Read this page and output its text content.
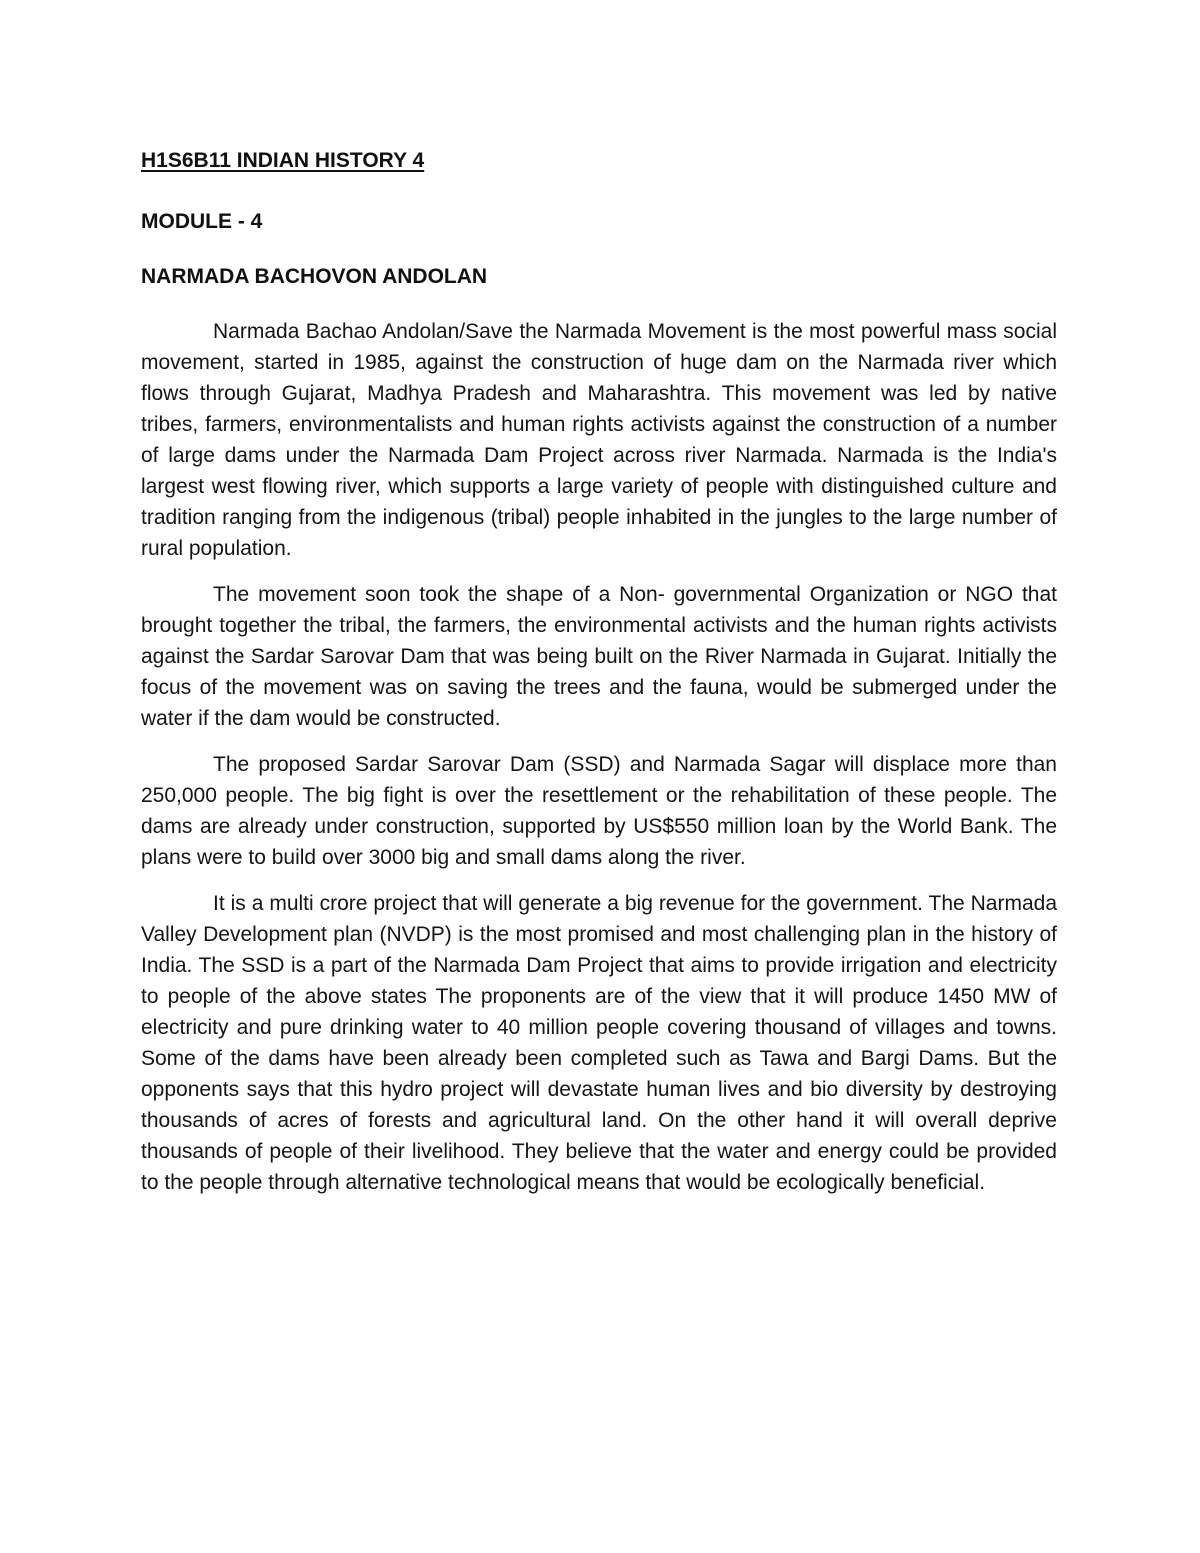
H1S6B11 INDIAN HISTORY 4
MODULE - 4
NARMADA BACHOVON ANDOLAN

Narmada Bachao Andolan/Save the Narmada Movement is the most powerful mass social movement, started in 1985, against the construction of huge dam on the Narmada river which flows through Gujarat, Madhya Pradesh and Maharashtra. This movement was led by native tribes, farmers, environmentalists and human rights activists against the construction of a number of large dams under the Narmada Dam Project across river Narmada. Narmada is the India's largest west flowing river, which supports a large variety of people with distinguished culture and tradition ranging from the indigenous (tribal) people inhabited in the jungles to the large number of rural population.

The movement soon took the shape of a Non- governmental Organization or NGO that brought together the tribal, the farmers, the environmental activists and the human rights activists against the Sardar Sarovar Dam that was being built on the River Narmada in Gujarat. Initially the focus of the movement was on saving the trees and the fauna, would be submerged under the water if the dam would be constructed.

The proposed Sardar Sarovar Dam (SSD) and Narmada Sagar will displace more than 250,000 people. The big fight is over the resettlement or the rehabilitation of these people. The dams are already under construction, supported by US$550 million loan by the World Bank. The plans were to build over 3000 big and small dams along the river.

It is a multi crore project that will generate a big revenue for the government. The Narmada Valley Development plan (NVDP) is the most promised and most challenging plan in the history of India. The SSD is a part of the Narmada Dam Project that aims to provide irrigation and electricity to people of the above states The proponents are of the view that it will produce 1450 MW of electricity and pure drinking water to 40 million people covering thousand of villages and towns. Some of the dams have been already been completed such as Tawa and Bargi Dams. But the opponents says that this hydro project will devastate human lives and bio diversity by destroying thousands of acres of forests and agricultural land. On the other hand it will overall deprive thousands of people of their livelihood. They believe that the water and energy could be provided to the people through alternative technological means that would be ecologically beneficial.
